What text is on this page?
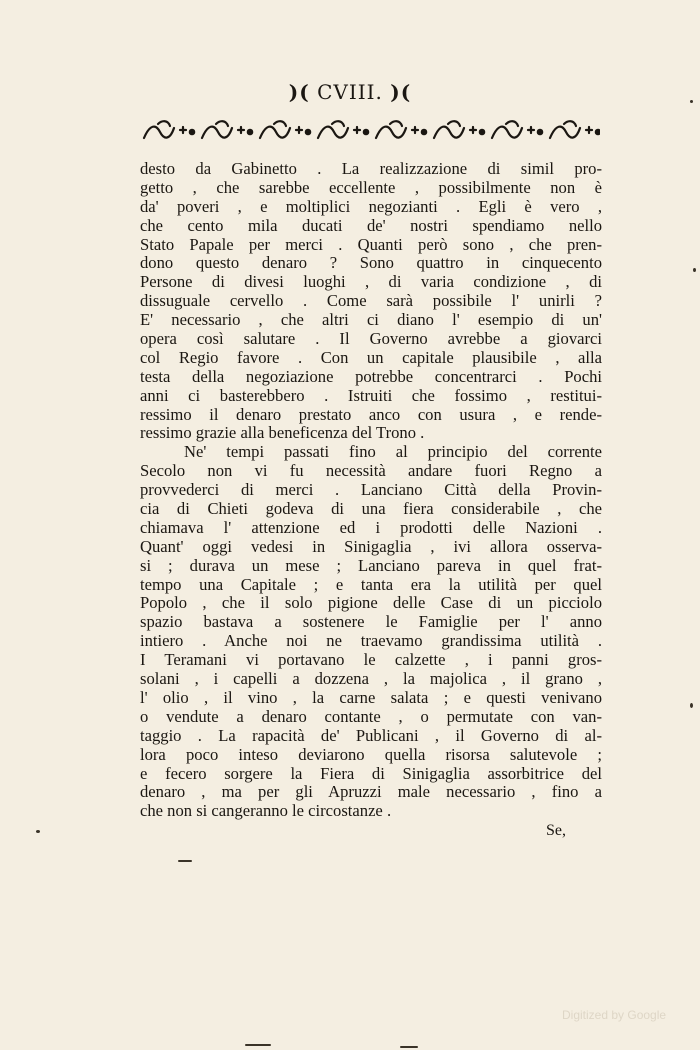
)( CVIII. )(
desto da Gabinetto . La realizzazione di simil pro-
getto , che sarebbe eccellente , possibilmente non è
da' poveri , e moltiplici negozianti . Egli è vero ,
che cento mila ducati de' nostri spendiamo nello
Stato Papale per merci . Quanti però sono , che pren-
dono questo denaro ? Sono quattro in cinquecento
Persone di divesi luoghi , di varia condizione , di
dissuguale cervello . Come sarà possibile l' unirli ?
E' necessario , che altri ci diano l' esempio di un'
opera così salutare . Il Governo avrebbe a giovarci
col Regio favore . Con un capitale plausibile , alla
testa della negoziazione potrebbe concentrarci . Pochi
anni ci basterebbero . Istruiti che fossimo , restitui-
ressimo il denaro prestato anco con usura , e rende-
ressimo grazie alla beneficenza del Trono .
Ne' tempi passati fino al principio del corrente
Secolo non vi fu necessità andare fuori Regno a
provvederci di merci . Lanciano Città della Provin-
cia di Chieti godeva di una fiera considerabile , che
chiamava l' attenzione ed i prodotti delle Nazioni .
Quant' oggi vedesi in Sinigaglia , ivi allora osserva-
si ; durava un mese ; Lanciano pareva in quel frat-
tempo una Capitale ; e tanta era la utilità per quel
Popolo , che il solo pigione delle Case di un picciolo
spazio bastava a sostenere le Famiglie per l' anno
intiero . Anche noi ne traevamo grandissima utilità .
I Teramani vi portavano le calzette , i panni gros-
solani , i capelli a dozzena , la majolica , il grano ,
l' olio , il vino , la carne salata ; e questi venivano
o vendute a denaro contante , o permutate con van-
taggio . La rapacità de' Publicani , il Governo di al-
lora poco inteso deviarono quella risorsa salutevole ;
e fecero sorgere la Fiera di Sinigaglia assorbitrice del
denaro , ma per gli Apruzzi male necessario , fino a
che non si cangeranno le circostanze .
Se,
Digitized by Google
